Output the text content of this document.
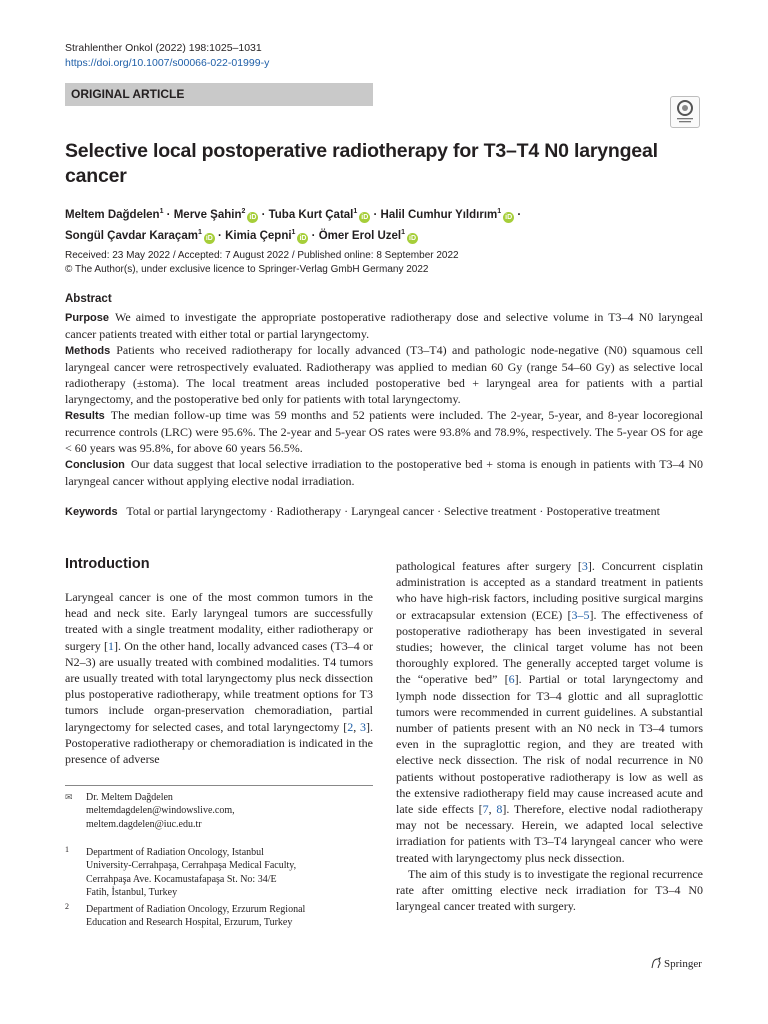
Strahlenther Onkol (2022) 198:1025–1031
https://doi.org/10.1007/s00066-022-01999-y
ORIGINAL ARTICLE
Selective local postoperative radiotherapy for T3–T4 N0 laryngeal cancer
Meltem Dağdelen$^1$ · Merve Şahin$^2$iD · Tuba Kurt Çatal$^1$iD · Halil Cumhur Yıldırım$^1$iD ·
Songül Çavdar Karaçam$^1$iD · Kimia Çepni$^1$iD · Ömer Erol Uzel$^1$iD
Received: 23 May 2022 / Accepted: 7 August 2022 / Published online: 8 September 2022
© The Author(s), under exclusive licence to Springer-Verlag GmbH Germany 2022
Abstract

Purpose We aimed to investigate the appropriate postoperative radiotherapy dose and selective volume in T3–4 N0 laryngeal cancer patients treated with either total or partial laryngectomy.

Methods Patients who received radiotherapy for locally advanced (T3–T4) and pathologic node-negative (N0) squamous cell laryngeal cancer were retrospectively evaluated. Radiotherapy was applied to median 60 Gy (range 54–60 Gy) as selective local radiotherapy (±stoma). The local treatment areas included postoperative bed + laryngeal area for patients with a partial laryngectomy, and the postoperative bed only for patients with total laryngectomy.

Results The median follow-up time was 59 months and 52 patients were included. The 2-year, 5-year, and 8-year locoregional recurrence controls (LRC) were 95.6%. The 2-year and 5-year OS rates were 93.8% and 78.9%, respectively. The 5-year OS for age < 60 years was 95.8%, for above 60 years 56.5%.

Conclusion Our data suggest that local selective irradiation to the postoperative bed + stoma is enough in patients with T3–4 N0 laryngeal cancer without applying elective nodal irradiation.

Keywords Total or partial laryngectomy · Radiotherapy · Laryngeal cancer · Selective treatment · Postoperative treatment
Introduction

Laryngeal cancer is one of the most common tumors in the head and neck site. Early laryngeal tumors are successfully treated with a single treatment modality, either radiotherapy or surgery [1]. On the other hand, locally advanced cases (T3–4 or N2–3) are usually treated with combined modalities. T4 tumors are usually treated with total laryngectomy plus neck dissection plus postoperative radiotherapy, while treatment options for T3 tumors include organ-preservation chemoradiation, partial laryngectomy for selected cases, and total laryngectomy [2, 3]. Postoperative radiotherapy or chemoradiation is indicated in the presence of adverse

pathological features after surgery [3]. Concurrent cisplatin administration is accepted as a standard treatment in patients who have high-risk factors, including positive surgical margins or extracapsular extension (ECE) [3–5]. The effectiveness of postoperative radiotherapy has been investigated in several studies; however, the clinical target volume has not been thoroughly explored. The generally accepted target volume is the “operative bed” [6]. Partial or total laryngectomy and lymph node dissection for T3–4 glottic and all supraglottic tumors were recommended in current guidelines. A substantial number of patients present with an N0 neck in T3–4 tumors even in the supraglottic region, and they are treated with elective neck dissection. The risk of nodal recurrence in N0 patients without postoperative radiotherapy is low as well as the extensive radiotherapy field may cause increased acute and late side effects [7, 8]. Therefore, elective nodal radiotherapy may not be necessary. Herein, we adapted local selective irradiation for patients with T3–T4 laryngeal cancer who were treated with laryngectomy plus neck dissection.

The aim of this study is to investigate the regional recurrence rate after omitting elective neck irradiation for T3–4 N0 laryngeal cancer treated with surgery.

✉	Dr. Meltem Dağdelen
meltemdagdelen@windowslive.com,
meltem.dagdelen@iuc.edu.tr
1	Department of Radiation Oncology, Istanbul
University-Cerrahpaşa, Cerrahpaşa Medical Faculty,
Cerrahpaşa Ave. Kocamustafapaşa St. No: 34/E
Fatih, İstanbul, Turkey
2	Department of Radiation Oncology, Erzurum Regional
Education and Research Hospital, Erzurum, Turkey
Springer
